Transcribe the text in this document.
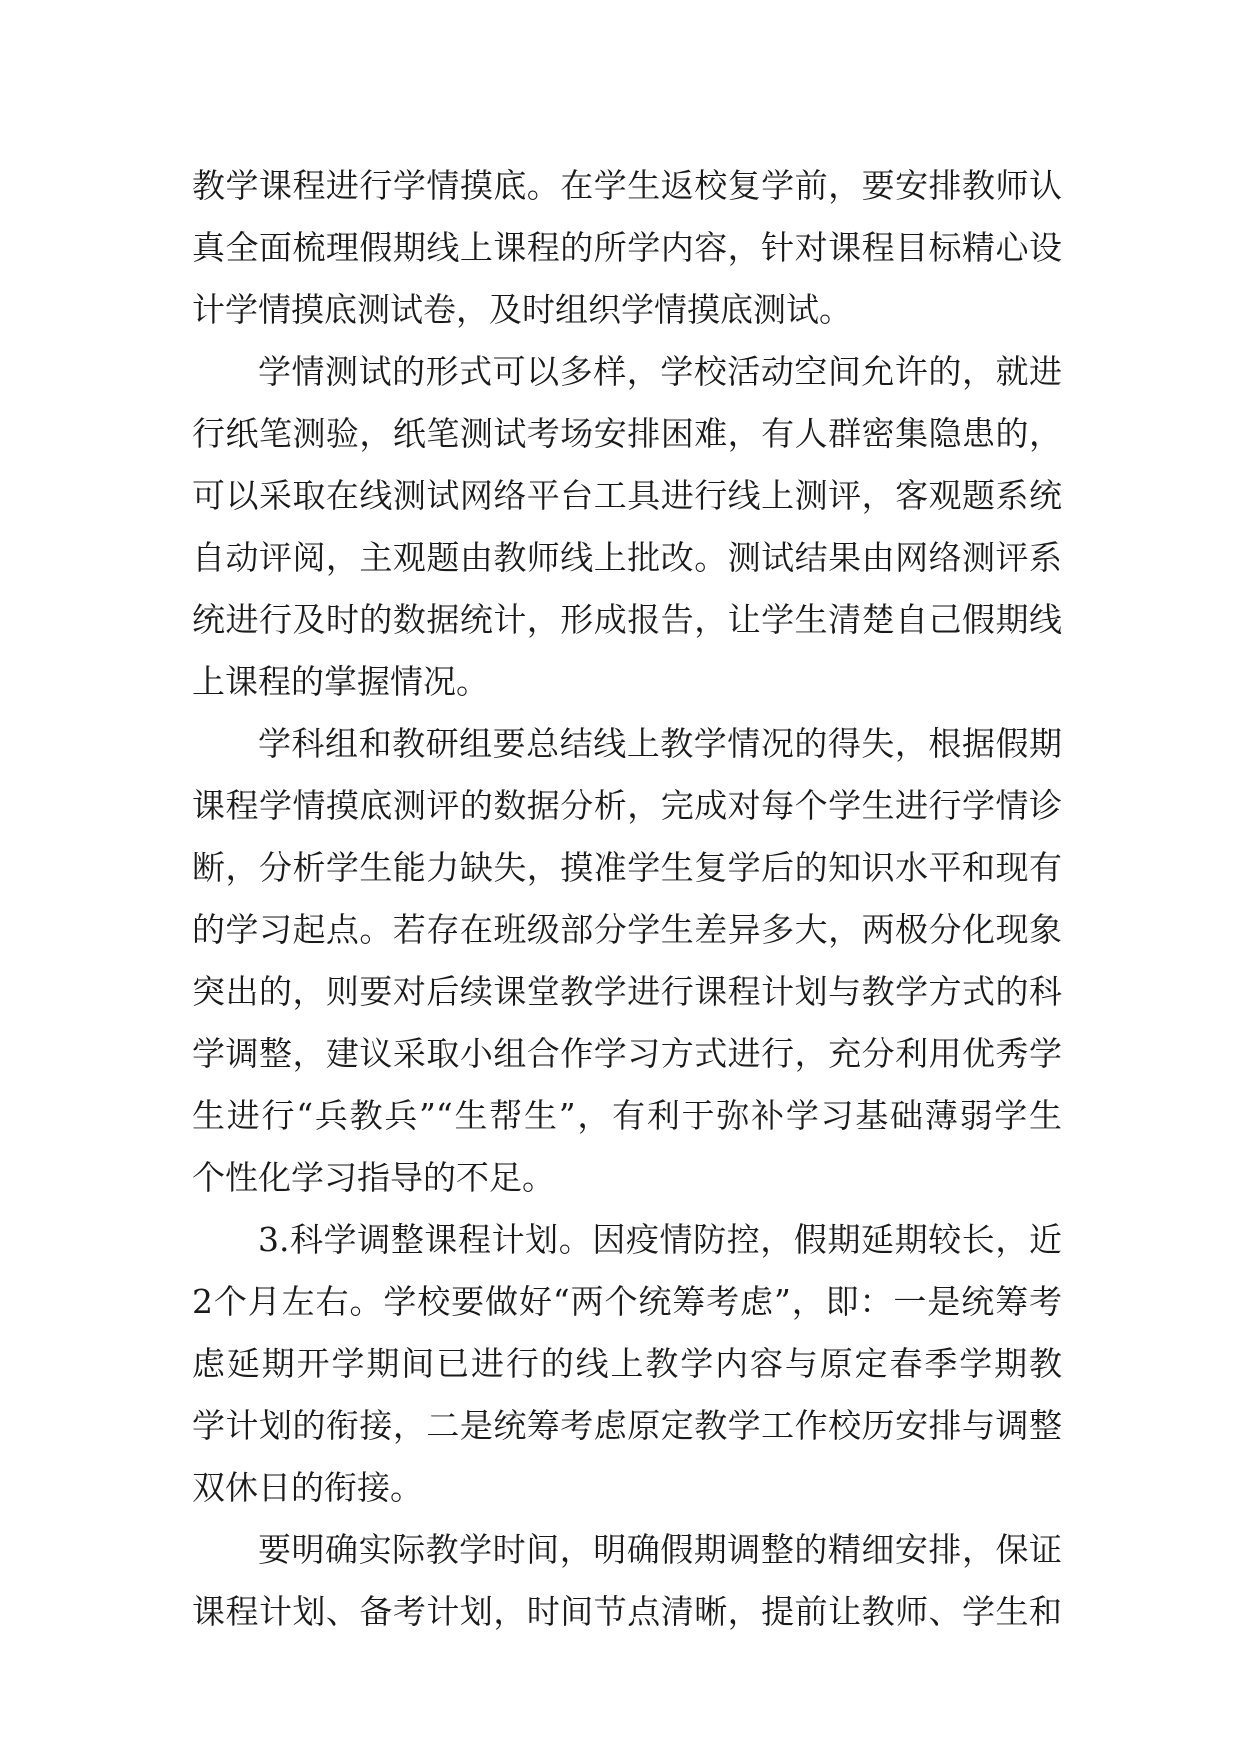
教学课程进行学情摸底。在学生返校复学前，要安排教师认
真全面梳理假期线上课程的所学内容，针对课程目标精心设
计学情摸底测试卷，及时组织学情摸底测试。
学情测试的形式可以多样，学校活动空间允许的，就进
行纸笔测验，纸笔测试考场安排困难，有人群密集隐患的，
可以采取在线测试网络平台工具进行线上测评，客观题系统
自动评阅，主观题由教师线上批改。测试结果由网络测评系
统进行及时的数据统计，形成报告，让学生清楚自己假期线
上课程的掌握情况。
学科组和教研组要总结线上教学情况的得失，根据假期
课程学情摸底测评的数据分析，完成对每个学生进行学情诊
断，分析学生能力缺失，摸准学生复学后的知识水平和现有
的学习起点。若存在班级部分学生差异多大，两极分化现象
突出的，则要对后续课堂教学进行课程计划与教学方式的科
学调整，建议采取小组合作学习方式进行，充分利用优秀学
生进行“兵教兵”“生帮生”，有利于弥补学习基础薄弱学生
个性化学习指导的不足。
3.科学调整课程计划。因疫情防控，假期延期较长，近
2个月左右。学校要做好“两个统筹考虑”，即：一是统筹考
虑延期开学期间已进行的线上教学内容与原定春季学期教
学计划的衔接，二是统筹考虑原定教学工作校历安排与调整
双休日的衔接。
要明确实际教学时间，明确假期调整的精细安排，保证
课程计划、备考计划，时间节点清晰，提前让教师、学生和
